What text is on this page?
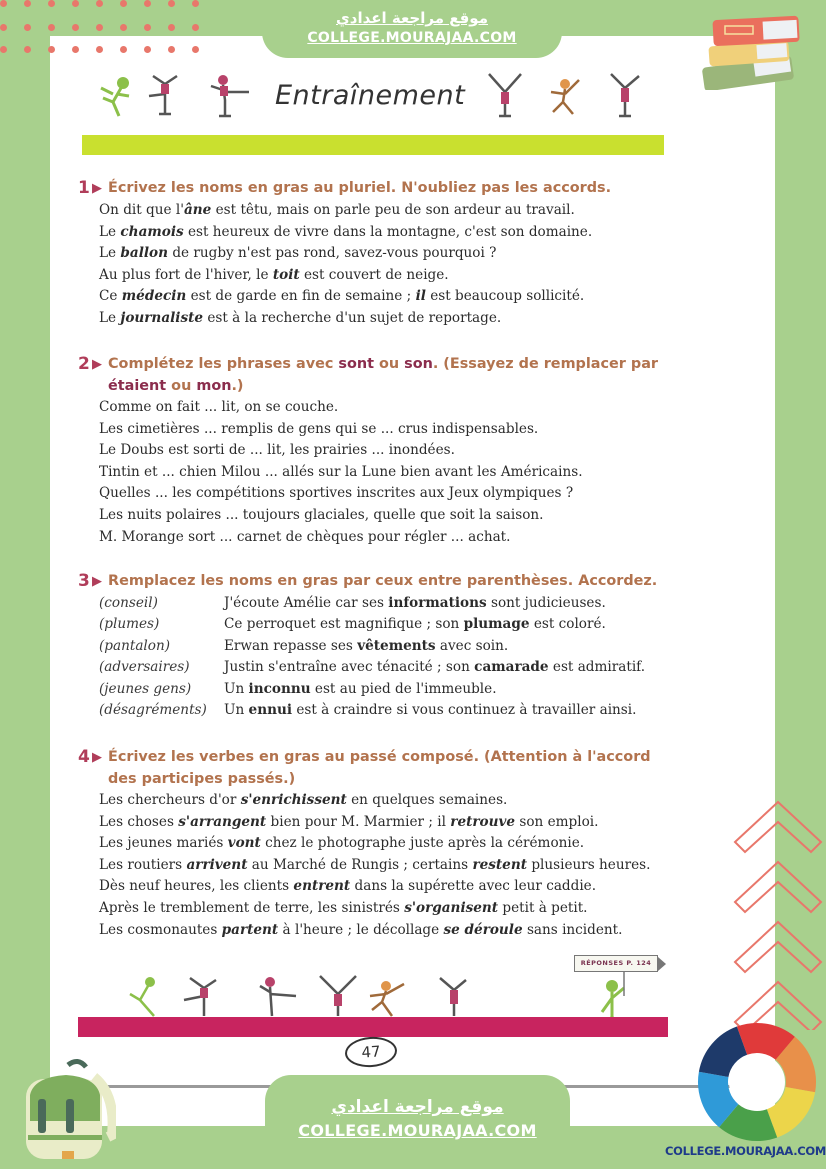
موقع مراجعة اعدادي
COLLEGE.MOURAJAA.COM
Entraînement
1 ▶ Écrivez les noms en gras au pluriel. N'oubliez pas les accords.
On dit que l'âne est têtu, mais on parle peu de son ardeur au travail.
Le chamois est heureux de vivre dans la montagne, c'est son domaine.
Le ballon de rugby n'est pas rond, savez-vous pourquoi ?
Au plus fort de l'hiver, le toit est couvert de neige.
Ce médecin est de garde en fin de semaine ; il est beaucoup sollicité.
Le journaliste est à la recherche d'un sujet de reportage.
2 ▶ Complétez les phrases avec sont ou son. (Essayez de remplacer par étaient ou mon.)
Comme on fait ... lit, on se couche.
Les cimetières ... remplis de gens qui se ... crus indispensables.
Le Doubs est sorti de ... lit, les prairies ... inondées.
Tintin et ... chien Milou ... allés sur la Lune bien avant les Américains.
Quelles ... les compétitions sportives inscrites aux Jeux olympiques ?
Les nuits polaires ... toujours glaciales, quelle que soit la saison.
M. Morange sort ... carnet de chèques pour régler ... achat.
3 ▶ Remplacez les noms en gras par ceux entre parenthèses. Accordez.
(conseil)	J'écoute Amélie car ses informations sont judicieuses.
(plumes)	Ce perroquet est magnifique ; son plumage est coloré.
(pantalon)	Erwan repasse ses vêtements avec soin.
(adversaires)	Justin s'entraîne avec ténacité ; son camarade est admiratif.
(jeunes gens)	Un inconnu est au pied de l'immeuble.
(désagréments)	Un ennui est à craindre si vous continuez à travailler ainsi.
4 ▶ Écrivez les verbes en gras au passé composé. (Attention à l'accord des participes passés.)
Les chercheurs d'or s'enrichissent en quelques semaines.
Les choses s'arrangent bien pour M. Marmier ; il retrouve son emploi.
Les jeunes mariés vont chez le photographe juste après la cérémonie.
Les routiers arrivent au Marché de Rungis ; certains restent plusieurs heures.
Dès neuf heures, les clients entrent dans la supérette avec leur caddie.
Après le tremblement de terre, les sinistrés s'organisent petit à petit.
Les cosmonautes partent à l'heure ; le décollage se déroule sans incident.
RÉPONSES P. 124
47
COLLEGE.MOURAJAA.COM
موقع مراجعة اعدادي
COLLEGE.MOURAJAA.COM
